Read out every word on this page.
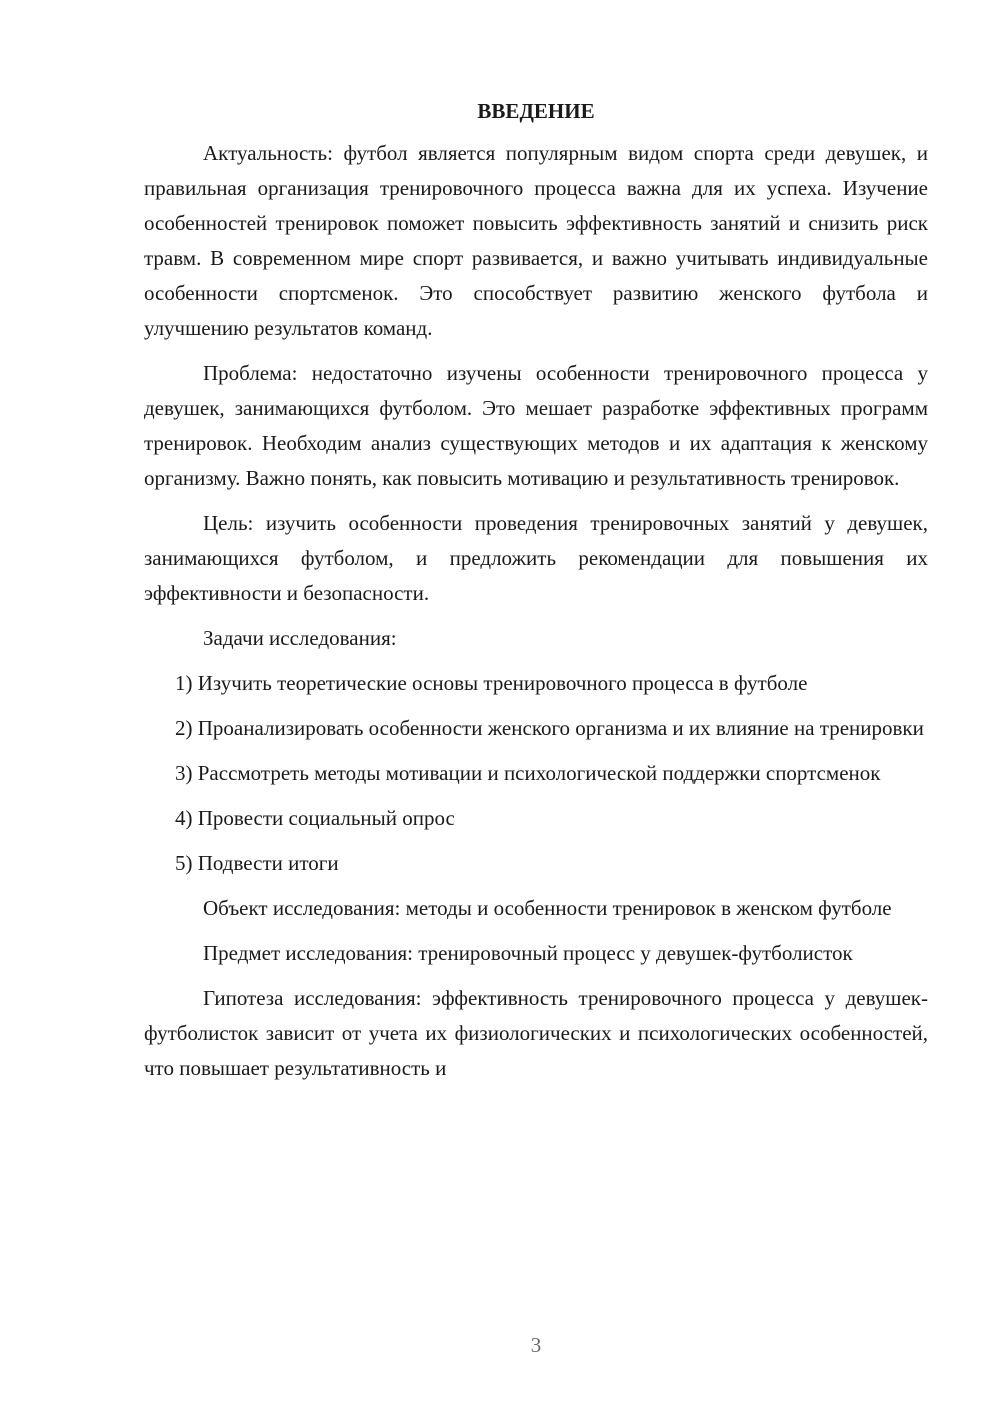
ВВЕДЕНИЕ

Актуальность: футбол является популярным видом спорта среди девушек, и правильная организация тренировочного процесса важна для их успеха. Изучение особенностей тренировок поможет повысить эффективность занятий и снизить риск травм. В современном мире спорт развивается, и важно учитывать индивидуальные особенности спортсменок. Это способствует развитию женского футбола и улучшению результатов команд.

Проблема: недостаточно изучены особенности тренировочного процесса у девушек, занимающихся футболом. Это мешает разработке эффективных программ тренировок. Необходим анализ существующих методов и их адаптация к женскому организму. Важно понять, как повысить мотивацию и результативность тренировок.

Цель: изучить особенности проведения тренировочных занятий у девушек, занимающихся футболом, и предложить рекомендации для повышения их эффективности и безопасности.

Задачи исследования:

1) Изучить теоретические основы тренировочного процесса в футболе

2) Проанализировать особенности женского организма и их влияние на тренировки

3) Рассмотреть методы мотивации и психологической поддержки спортсменок

4) Провести социальный опрос

5) Подвести итоги

Объект исследования: методы и особенности тренировок в женском футболе

Предмет исследования: тренировочный процесс у девушек-футболисток

Гипотеза исследования: эффективность тренировочного процесса у девушек-футболисток зависит от учета их физиологических и психологических особенностей, что повышает результативность и

3
